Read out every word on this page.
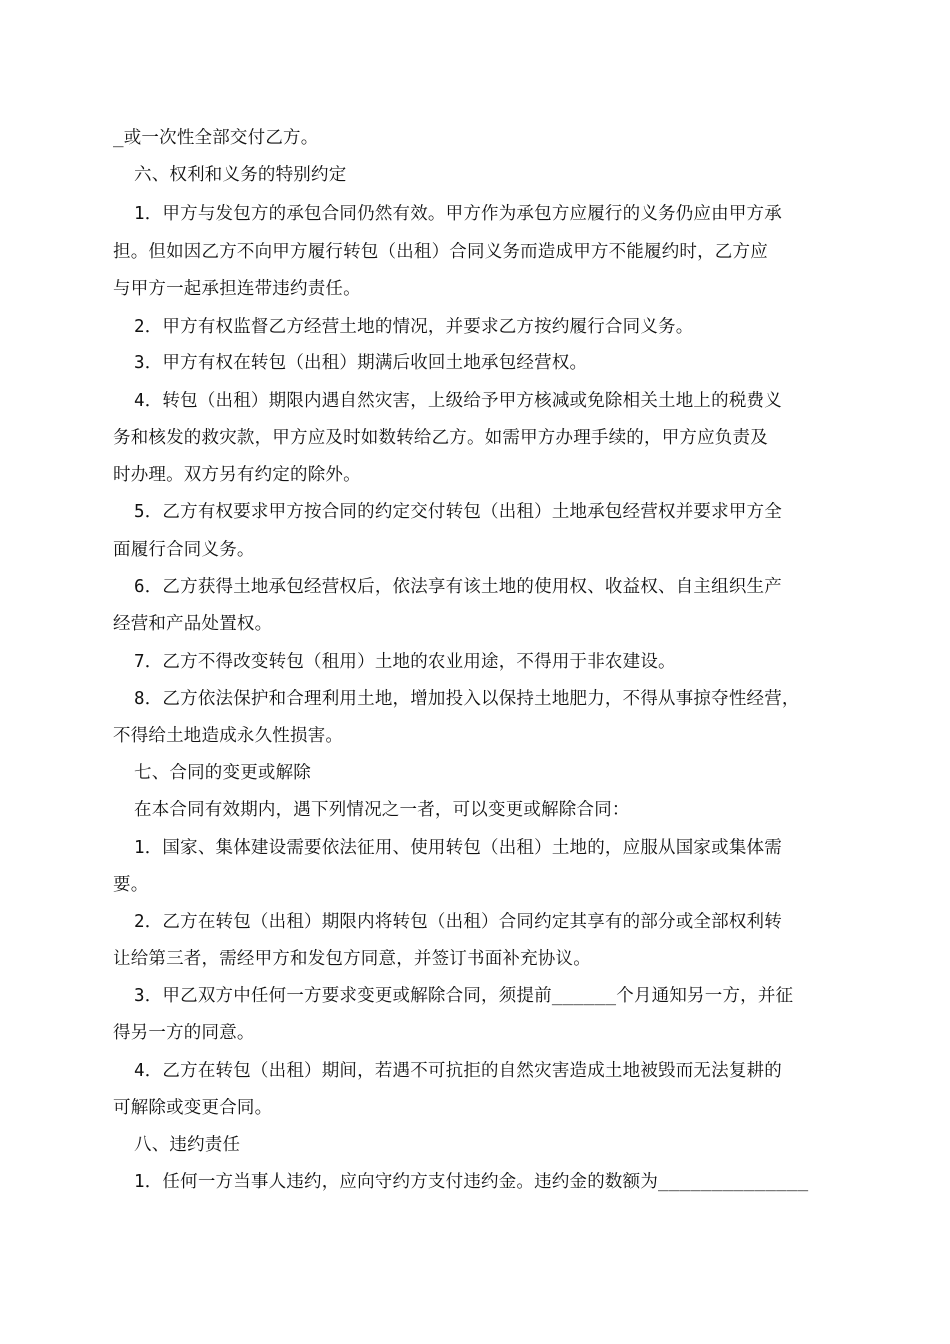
_或一次性全部交付乙方。
六、权利和义务的特别约定
1．甲方与发包方的承包合同仍然有效。甲方作为承包方应履行的义务仍应由甲方承
担。但如因乙方不向甲方履行转包（出租）合同义务而造成甲方不能履约时，乙方应
与甲方一起承担连带违约责任。
2．甲方有权监督乙方经营土地的情况，并要求乙方按约履行合同义务。
3．甲方有权在转包（出租）期满后收回土地承包经营权。
4．转包（出租）期限内遇自然灾害，上级给予甲方核减或免除相关土地上的税费义
务和核发的救灾款，甲方应及时如数转给乙方。如需甲方办理手续的，甲方应负责及
时办理。双方另有约定的除外。
5．乙方有权要求甲方按合同的约定交付转包（出租）土地承包经营权并要求甲方全
面履行合同义务。
6．乙方获得土地承包经营权后，依法享有该土地的使用权、收益权、自主组织生产
经营和产品处置权。
7．乙方不得改变转包（租用）土地的农业用途，不得用于非农建设。
8．乙方依法保护和合理利用土地，增加投入以保持土地肥力，不得从事掠夺性经营，
不得给土地造成永久性损害。
七、合同的变更或解除
在本合同有效期内，遇下列情况之一者，可以变更或解除合同：
1．国家、集体建设需要依法征用、使用转包（出租）土地的，应服从国家或集体需
要。
2．乙方在转包（出租）期限内将转包（出租）合同约定其享有的部分或全部权利转
让给第三者，需经甲方和发包方同意，并签订书面补充协议。
3．甲乙双方中任何一方要求变更或解除合同，须提前______个月通知另一方，并征
得另一方的同意。
4．乙方在转包（出租）期间，若遇不可抗拒的自然灾害造成土地被毁而无法复耕的
可解除或变更合同。
八、违约责任
1．任何一方当事人违约，应向守约方支付违约金。违约金的数额为______________
